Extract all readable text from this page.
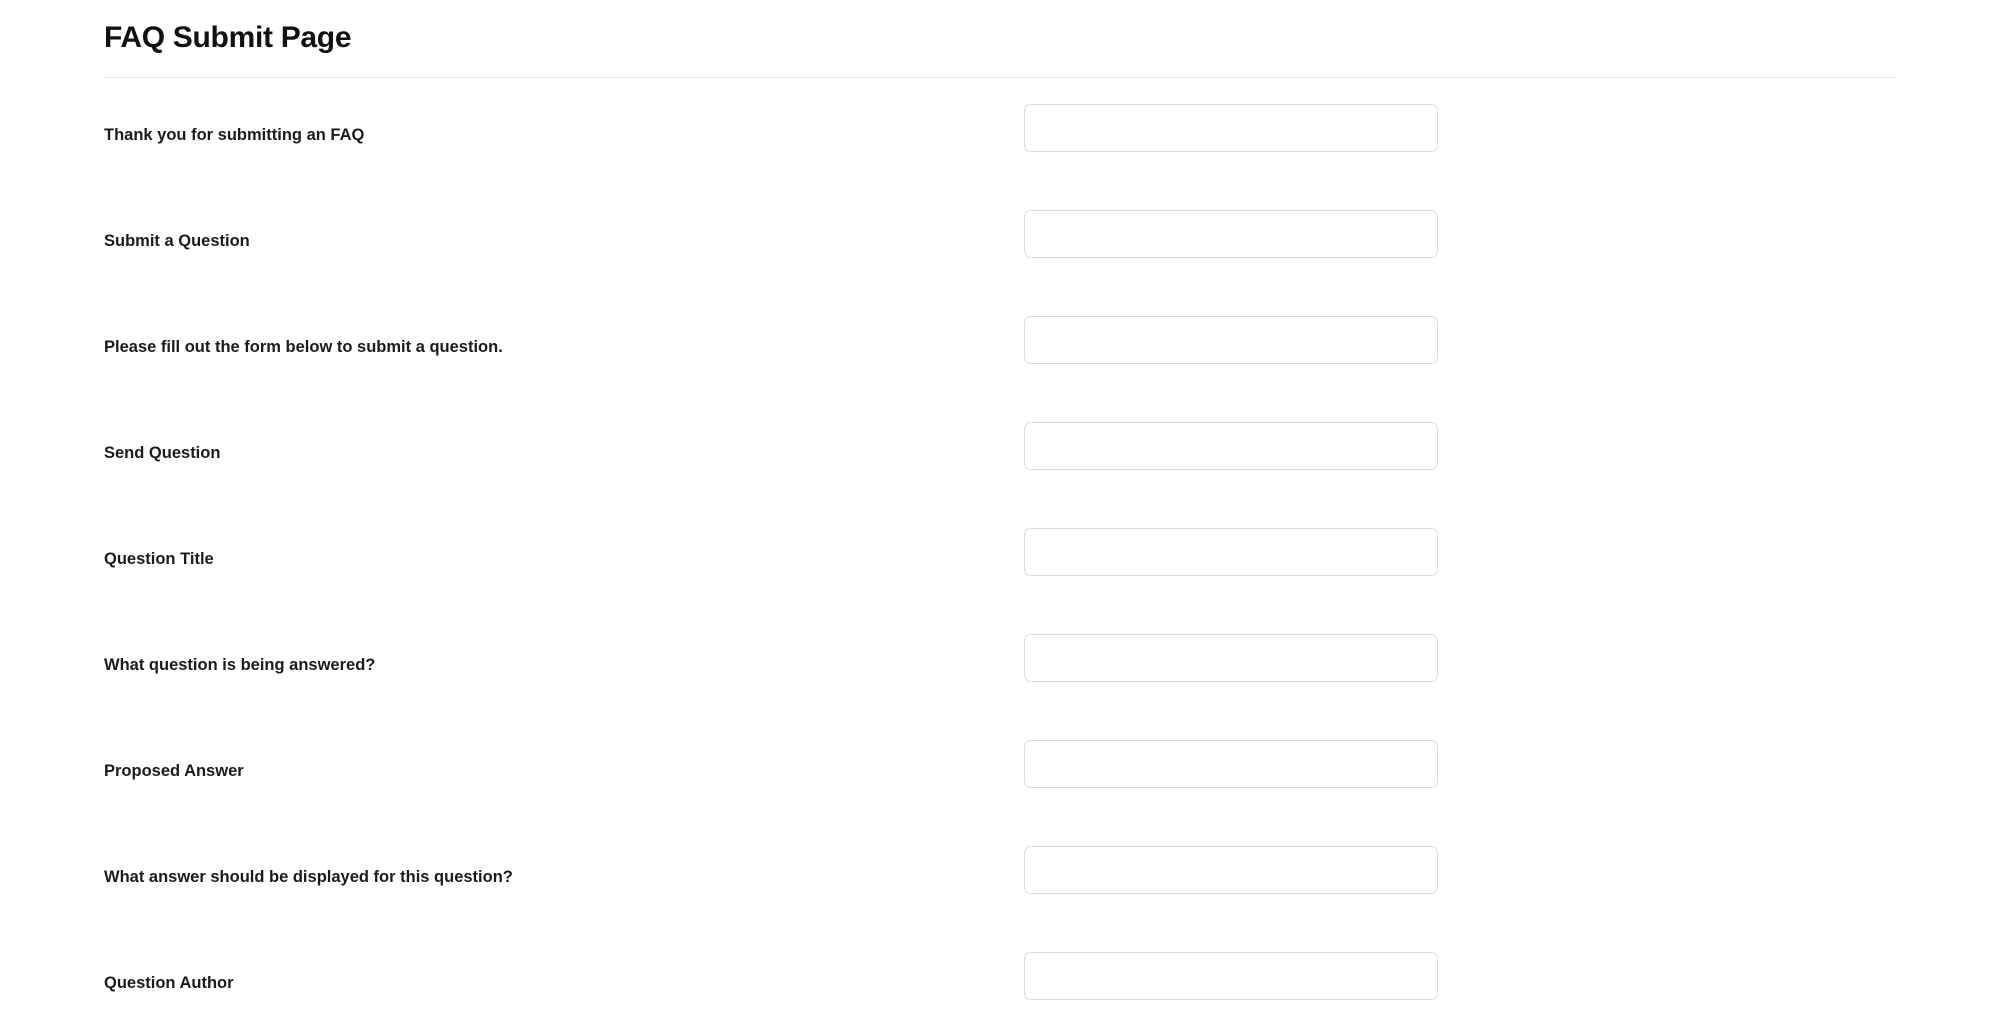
FAQ Submit Page
Thank you for submitting an FAQ
Submit a Question
Please fill out the form below to submit a question.
Send Question
Question Title
What question is being answered?
Proposed Answer
What answer should be displayed for this question?
Question Author
